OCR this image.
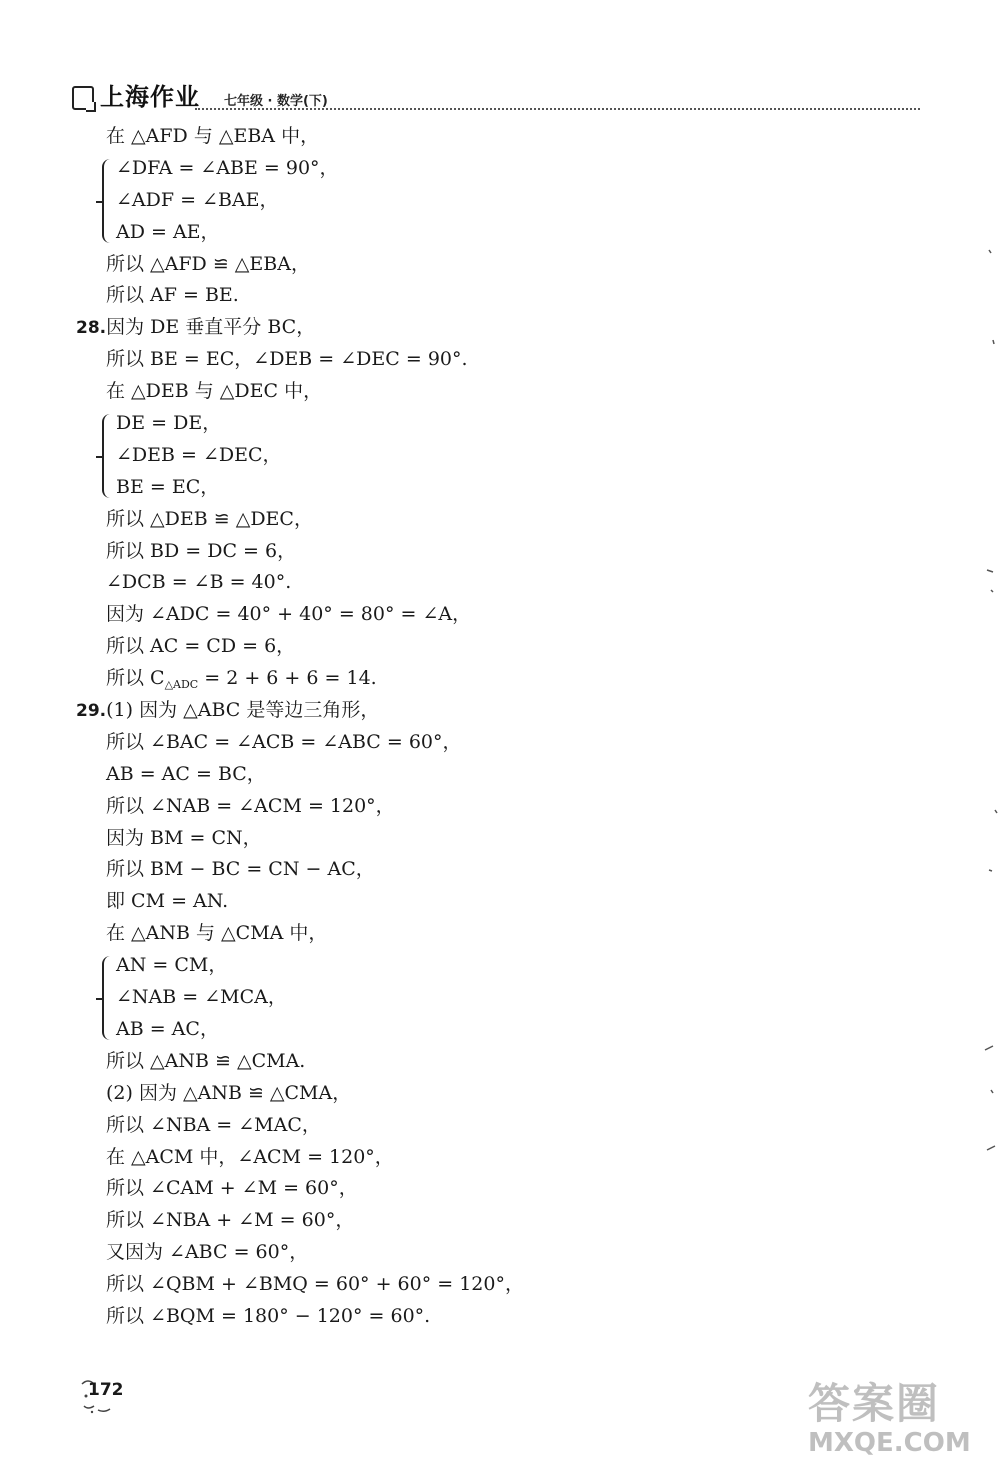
上海作业 七年级 · 数学(下)
在 △AFD 与 △EBA 中，
∠DFA = ∠ABE = 90°，
∠ADF = ∠BAE，
AD = AE，
所以 △AFD ≌ △EBA，
所以 AF = BE.
28.因为 DE 垂直平分 BC，
所以 BE = EC，∠DEB = ∠DEC = 90°.
在 △DEB 与 △DEC 中，
DE = DE，
∠DEB = ∠DEC，
BE = EC，
所以 △DEB ≌ △DEC，
所以 BD = DC = 6，
∠DCB = ∠B = 40°.
因为 ∠ADC = 40° + 40° = 80° = ∠A，
所以 AC = CD = 6，
所以 $C_{\triangle ADC} = 2 + 6 + 6 = 14$.
29.(1) 因为 △ABC 是等边三角形，
所以 ∠BAC = ∠ACB = ∠ABC = 60°，
AB = AC = BC，
所以 ∠NAB = ∠ACM = 120°，
因为 BM = CN，
所以 BM − BC = CN − AC，
即 CM = AN.
在 △ANB 与 △CMA 中，
AN = CM，
∠NAB = ∠MCA，
AB = AC，
所以 △ANB ≌ △CMA.
(2) 因为 △ANB ≌ △CMA，
所以 ∠NBA = ∠MAC，
在 △ACM 中，∠ACM = 120°，
所以 ∠CAM + ∠M = 60°，
所以 ∠NBA + ∠M = 60°，
又因为 ∠ABC = 60°，
所以 ∠QBM + ∠BMQ = 60° + 60° = 120°，
所以 ∠BQM = 180° − 120° = 60°.
172	答案圈
MXQE.COM
